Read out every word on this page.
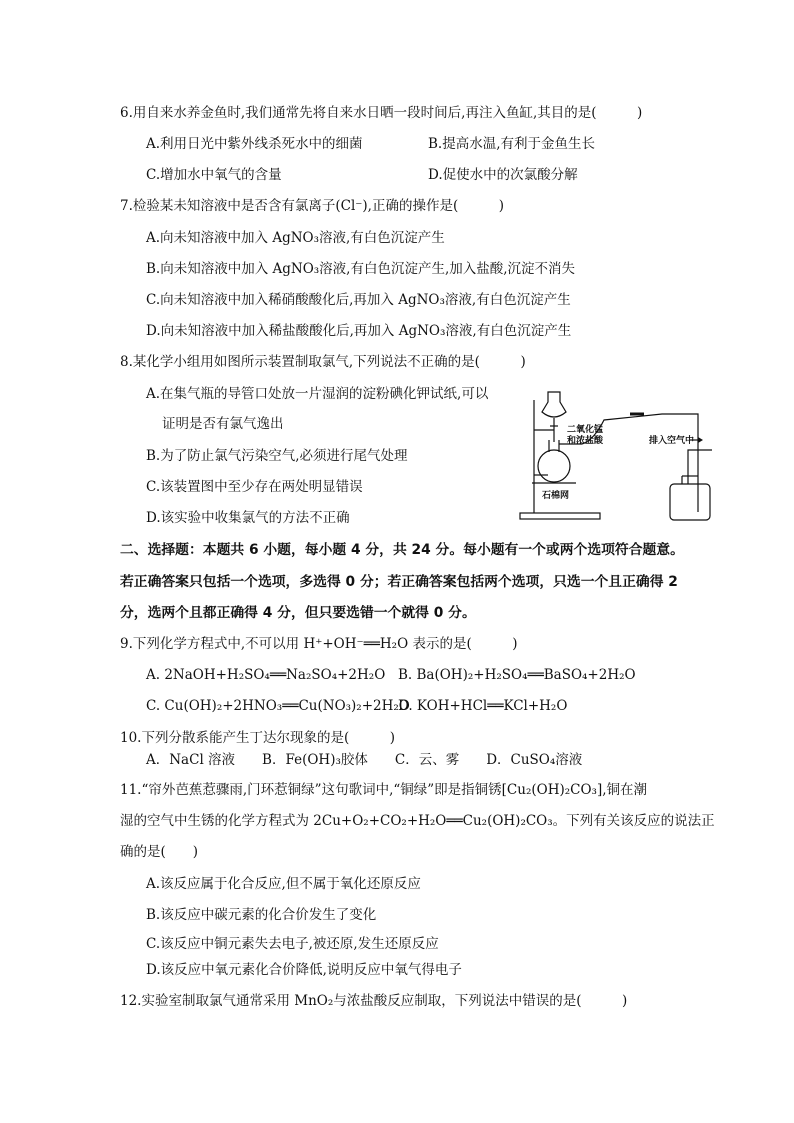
6.用自来水养金鱼时,我们通常先将自来水日晒一段时间后,再注入鱼缸,其目的是(　　　)
A.利用日光中紫外线杀死水中的细菌	B.提高水温,有利于金鱼生长
C.增加水中氧气的含量	D.促使水中的次氯酸分解
7.检验某未知溶液中是否含有氯离子(Cl⁻),正确的操作是(　　　)
A.向未知溶液中加入 AgNO₃溶液,有白色沉淀产生
B.向未知溶液中加入 AgNO₃溶液,有白色沉淀产生,加入盐酸,沉淀不消失
C.向未知溶液中加入稀硝酸酸化后,再加入 AgNO₃溶液,有白色沉淀产生
D.向未知溶液中加入稀盐酸酸化后,再加入 AgNO₃溶液,有白色沉淀产生
8.某化学小组用如图所示装置制取氯气,下列说法不正确的是(　　　)
A.在集气瓶的导管口处放一片湿润的淀粉碘化钾试纸,可以
证明是否有氯气逸出
B.为了防止氯气污染空气,必须进行尾气处理
C.该装置图中至少存在两处明显错误
D.该实验中收集氯气的方法不正确
二氧化锰
和浓盐酸
石棉网
排入空气中
二、选择题：本题共 6 小题，每小题 4 分，共 24 分。每小题有一个或两个选项符合题意。
若正确答案只包括一个选项，多选得 0 分；若正确答案包括两个选项，只选一个且正确得 2
分，选两个且都正确得 4 分，但只要选错一个就得 0 分。
9.下列化学方程式中,不可以用 H⁺+OH⁻══H₂O 表示的是(　　　)
A. 2NaOH+H₂SO₄══Na₂SO₄+2H₂O B. Ba(OH)₂+H₂SO₄══BaSO₄+2H₂O
C. Cu(OH)₂+2HNO₃══Cu(NO₃)₂+2H₂O
D. KOH+HCl══KCl+H₂O
10.下列分散系能产生丁达尔现象的是(　　　)
A．NaCl 溶液　　B．Fe(OH)₃胶体　　C．云、雾　　D．CuSO₄溶液
11.“帘外芭蕉惹骤雨,门环惹铜绿”这句歌词中,“铜绿”即是指铜锈[Cu₂(OH)₂CO₃],铜在潮
湿的空气中生锈的化学方程式为 2Cu+O₂+CO₂+H₂O══Cu₂(OH)₂CO₃。下列有关该反应的说法正
确的是(　　)
A.该反应属于化合反应,但不属于氧化还原反应
B.该反应中碳元素的化合价发生了变化
C.该反应中铜元素失去电子,被还原,发生还原反应
D.该反应中氧元素化合价降低,说明反应中氧气得电子
12.实验室制取氯气通常采用 MnO₂与浓盐酸反应制取，下列说法中错误的是(　　　)
